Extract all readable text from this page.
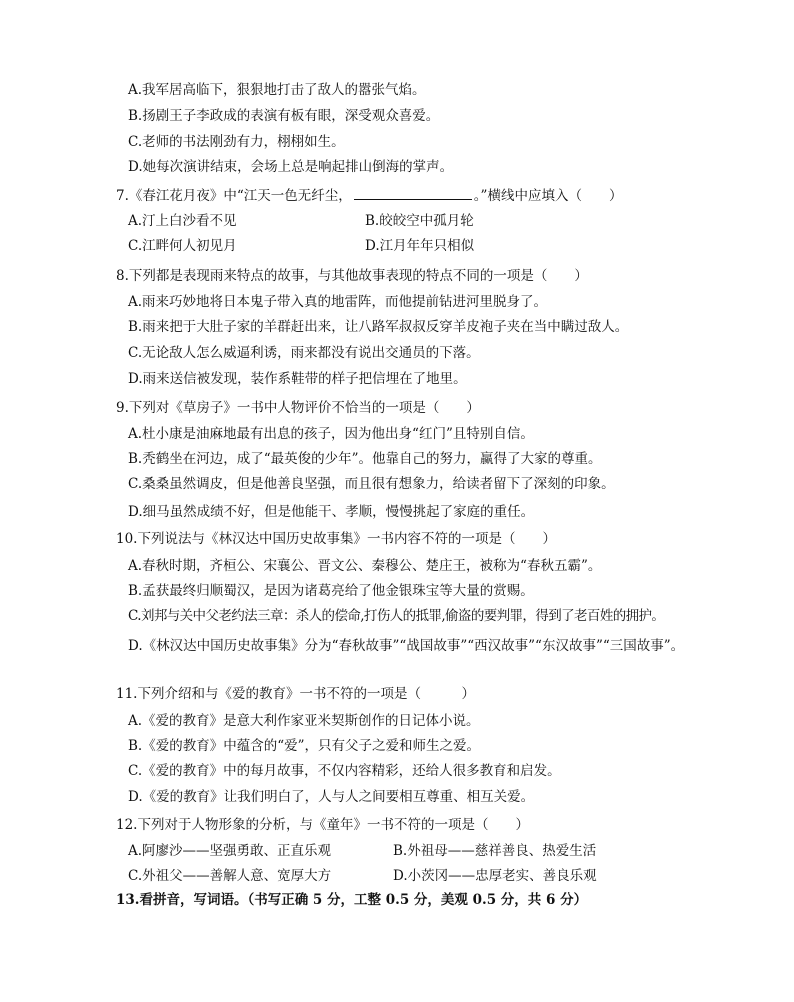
A.我军居高临下，狠狠地打击了敌人的嚣张气焰。
B.扬剧王子李政成的表演有板有眼，深受观众喜爱。
C.老师的书法刚劲有力，栩栩如生。
D.她每次演讲结束，会场上总是响起排山倒海的掌声。
7.《春江花月夜》中“江天一色无纤尘，	。”横线中应填入（　　）
A.汀上白沙看不见	B.皎皎空中孤月轮
C.江畔何人初见月	D.江月年年只相似
8.下列都是表现雨来特点的故事，与其他故事表现的特点不同的一项是（　　）
A.雨来巧妙地将日本鬼子带入真的地雷阵，而他提前钻进河里脱身了。
B.雨来把于大肚子家的羊群赶出来，让八路军叔叔反穿羊皮袍子夹在当中瞒过敌人。
C.无论敌人怎么威逼利诱，雨来都没有说出交通员的下落。
D.雨来送信被发现，装作系鞋带的样子把信埋在了地里。
9.下列对《草房子》一书中人物评价不恰当的一项是（　　）
A.杜小康是油麻地最有出息的孩子，因为他出身“红门”且特别自信。
B.秃鹤坐在河边，成了“最英俊的少年”。他靠自己的努力，赢得了大家的尊重。
C.桑桑虽然调皮，但是他善良坚强，而且很有想象力，给读者留下了深刻的印象。
D.细马虽然成绩不好，但是他能干、孝顺，慢慢挑起了家庭的重任。
10.下列说法与《林汉达中国历史故事集》一书内容不符的一项是（　　）
A.春秋时期，齐桓公、宋襄公、晋文公、秦穆公、楚庄王，被称为“春秋五霸”。
B.孟获最终归顺蜀汉，是因为诸葛亮给了他金银珠宝等大量的赏赐。
C.刘邦与关中父老约法三章：杀人的偿命,打伤人的抵罪,偷盗的要判罪，得到了老百姓的拥护。
D.《林汉达中国历史故事集》分为“春秋故事”“战国故事”“西汉故事”“东汉故事”“三国故事”。
11.下列介绍和与《爱的教育》一书不符的一项是（　　　）
A.《爱的教育》是意大利作家亚米契斯创作的日记体小说。
B.《爱的教育》中蕴含的“爱”，只有父子之爱和师生之爱。
C.《爱的教育》中的每月故事，不仅内容精彩，还给人很多教育和启发。
D.《爱的教育》让我们明白了，人与人之间要相互尊重、相互关爱。
12.下列对于人物形象的分析，与《童年》一书不符的一项是（　　）
A.阿廖沙——坚强勇敢、正直乐观	B.外祖母——慈祥善良、热爱生活
C.外祖父——善解人意、宽厚大方	D.小茨冈——忠厚老实、善良乐观
13.看拼音，写词语。（书写正确 5 分，工整 0.5 分，美观 0.5 分，共 6 分）
